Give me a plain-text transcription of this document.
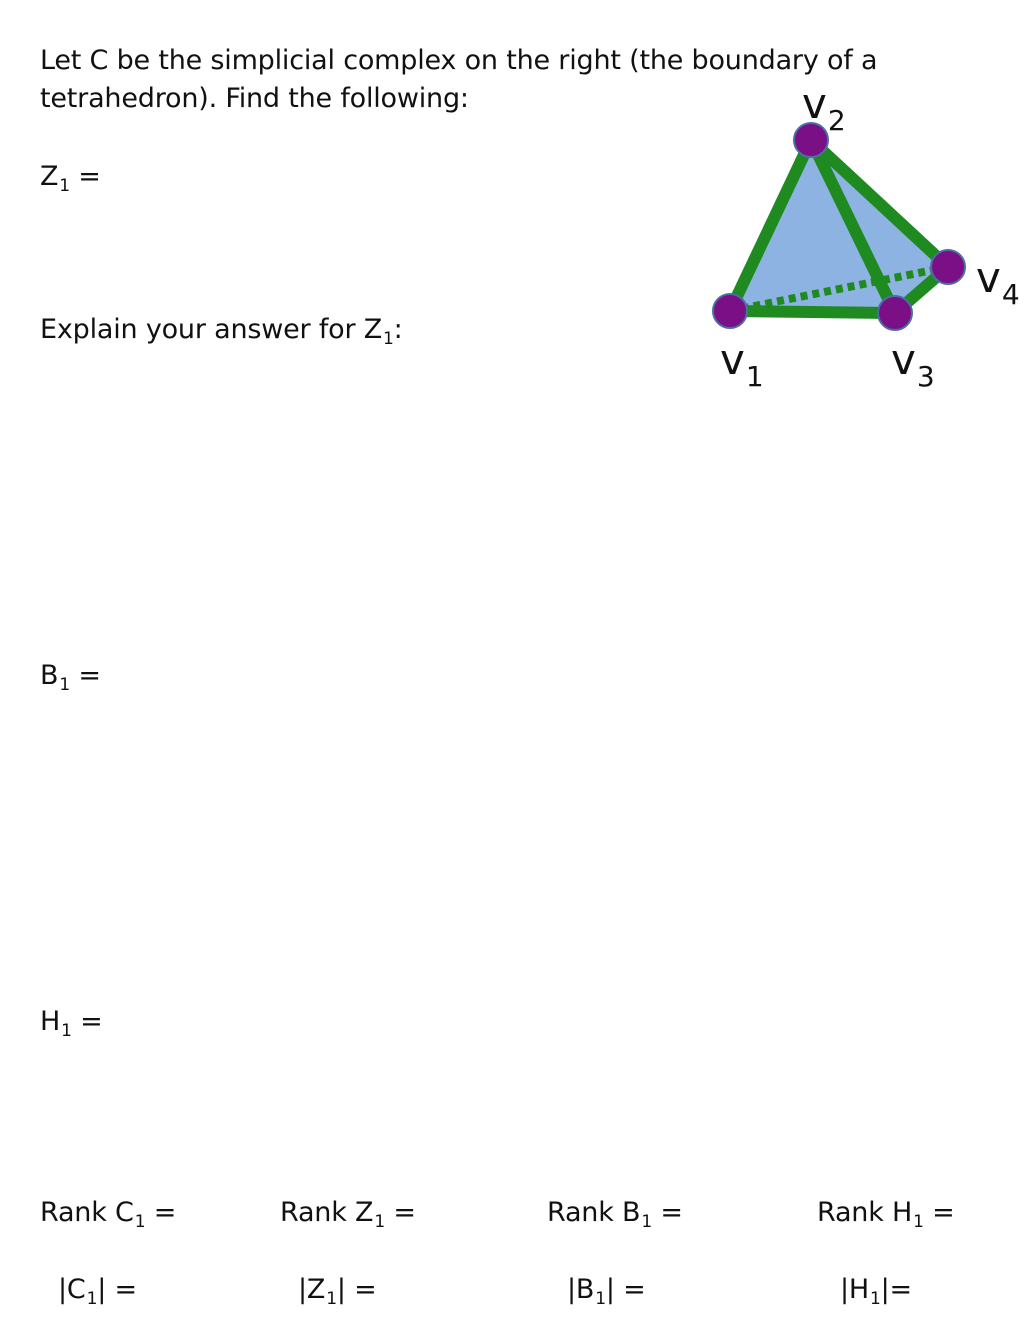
Let C be the simplicial complex on the right (the boundary of a
tetrahedron). Find the following:
$Z_1$ =
Explain your answer for $Z_1$:
$B_1$ =
$H_1$ =
Rank $C_1$ =	Rank $Z_1$ =	Rank $B_1$ =	Rank $H_1$ =
$|C_1|$ =	$|Z_1|$ =	$|B_1|$ =	$|H_1|=$
$v_1$
$v_2$
$v_3$
$v_4$
